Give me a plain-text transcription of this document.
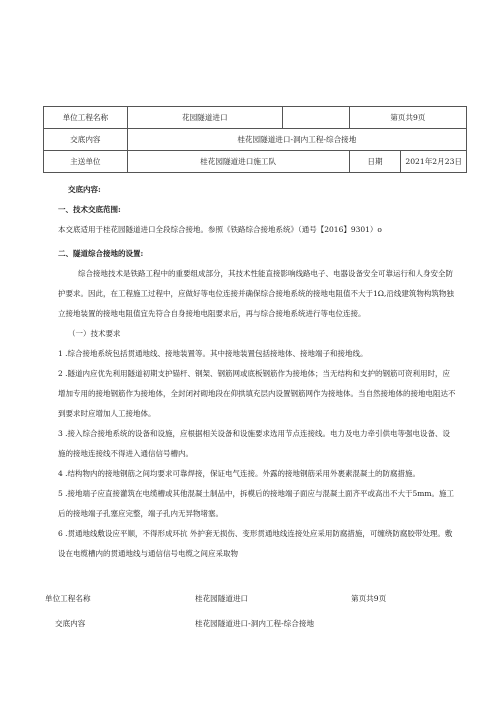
单位工程名称	花园隧道进口		第页共9页	
交底内容	桂花园隧道进口-洞内工程-综合接地			
主送单位	桂花园隧道进口施工队		日期	2021年2月23日

交底内容:

一、技术交底范围:

本交底适用于桂花园隧道进口全段综合接地。参照《铁路综合接地系统》（通号【2016】9301）o

二、隧道综合接地的设置:

综合接地技术是铁路工程中的重要组成部分，其技术性能直接影响线路电子、电器设备安全可靠运行和人身安全防护要求。因此，在工程施工过程中，应做好等电位连接并确保综合接地系统的接地电阻值不大于1Ω,沿线建筑物构筑物独立接地装置的接地电阻值宜先符合自身接地电阻要求后，再与综合接地系统进行等电位连接。

（一）技术要求

1 .综合接地系统包括贯通地线、接地装置等。其中接地装置包括接地体、接地端子和接地线。

2 .隧道内应优先利用隧道初期支护锚杆、钢架、钢筋网或底板钢筋作为接地体；当无结构和支护的钢筋可资利用时，应增加专用的接地钢筋作为接地体，全封闭衬砌地段在仰拱填充层内设置钢筋网作为接地体。当自然接地体的接地电阻达不到要求时应增加人工接地体。

3 .接入综合接地系统的设备和设施，应根据相关设备和设施要求选用节点连接线。电力及电力牵引供电等强电设备、设施的接地连接线不得进入通信信号槽内。

4 .结构物内的接地钢筋之间均要求可靠焊接，保证电气连接。外露的接地钢筋采用外裹素混凝土的防腐措施。

5 .接地端子应直接灌筑在电缆槽或其他混凝土制品中，拆模后的接地端子面应与混凝土面齐平或高出不大于5mm。施工后的接地端子孔塞应完整，端子孔内无异物堵塞。

6 .贯通地线敷设应平顺，不得形成环抗 外护套无损伤、变形贯通地线连接处应采用防腐措施，可缠绕防腐胶带处理。敷设在电缆槽内的贯通地线与通信信号电缆之间应采取物

单位工程名称	桂花园隧道进口	第页共9页
交底内容	桂花园隧道进口-洞内工程-综合接地
